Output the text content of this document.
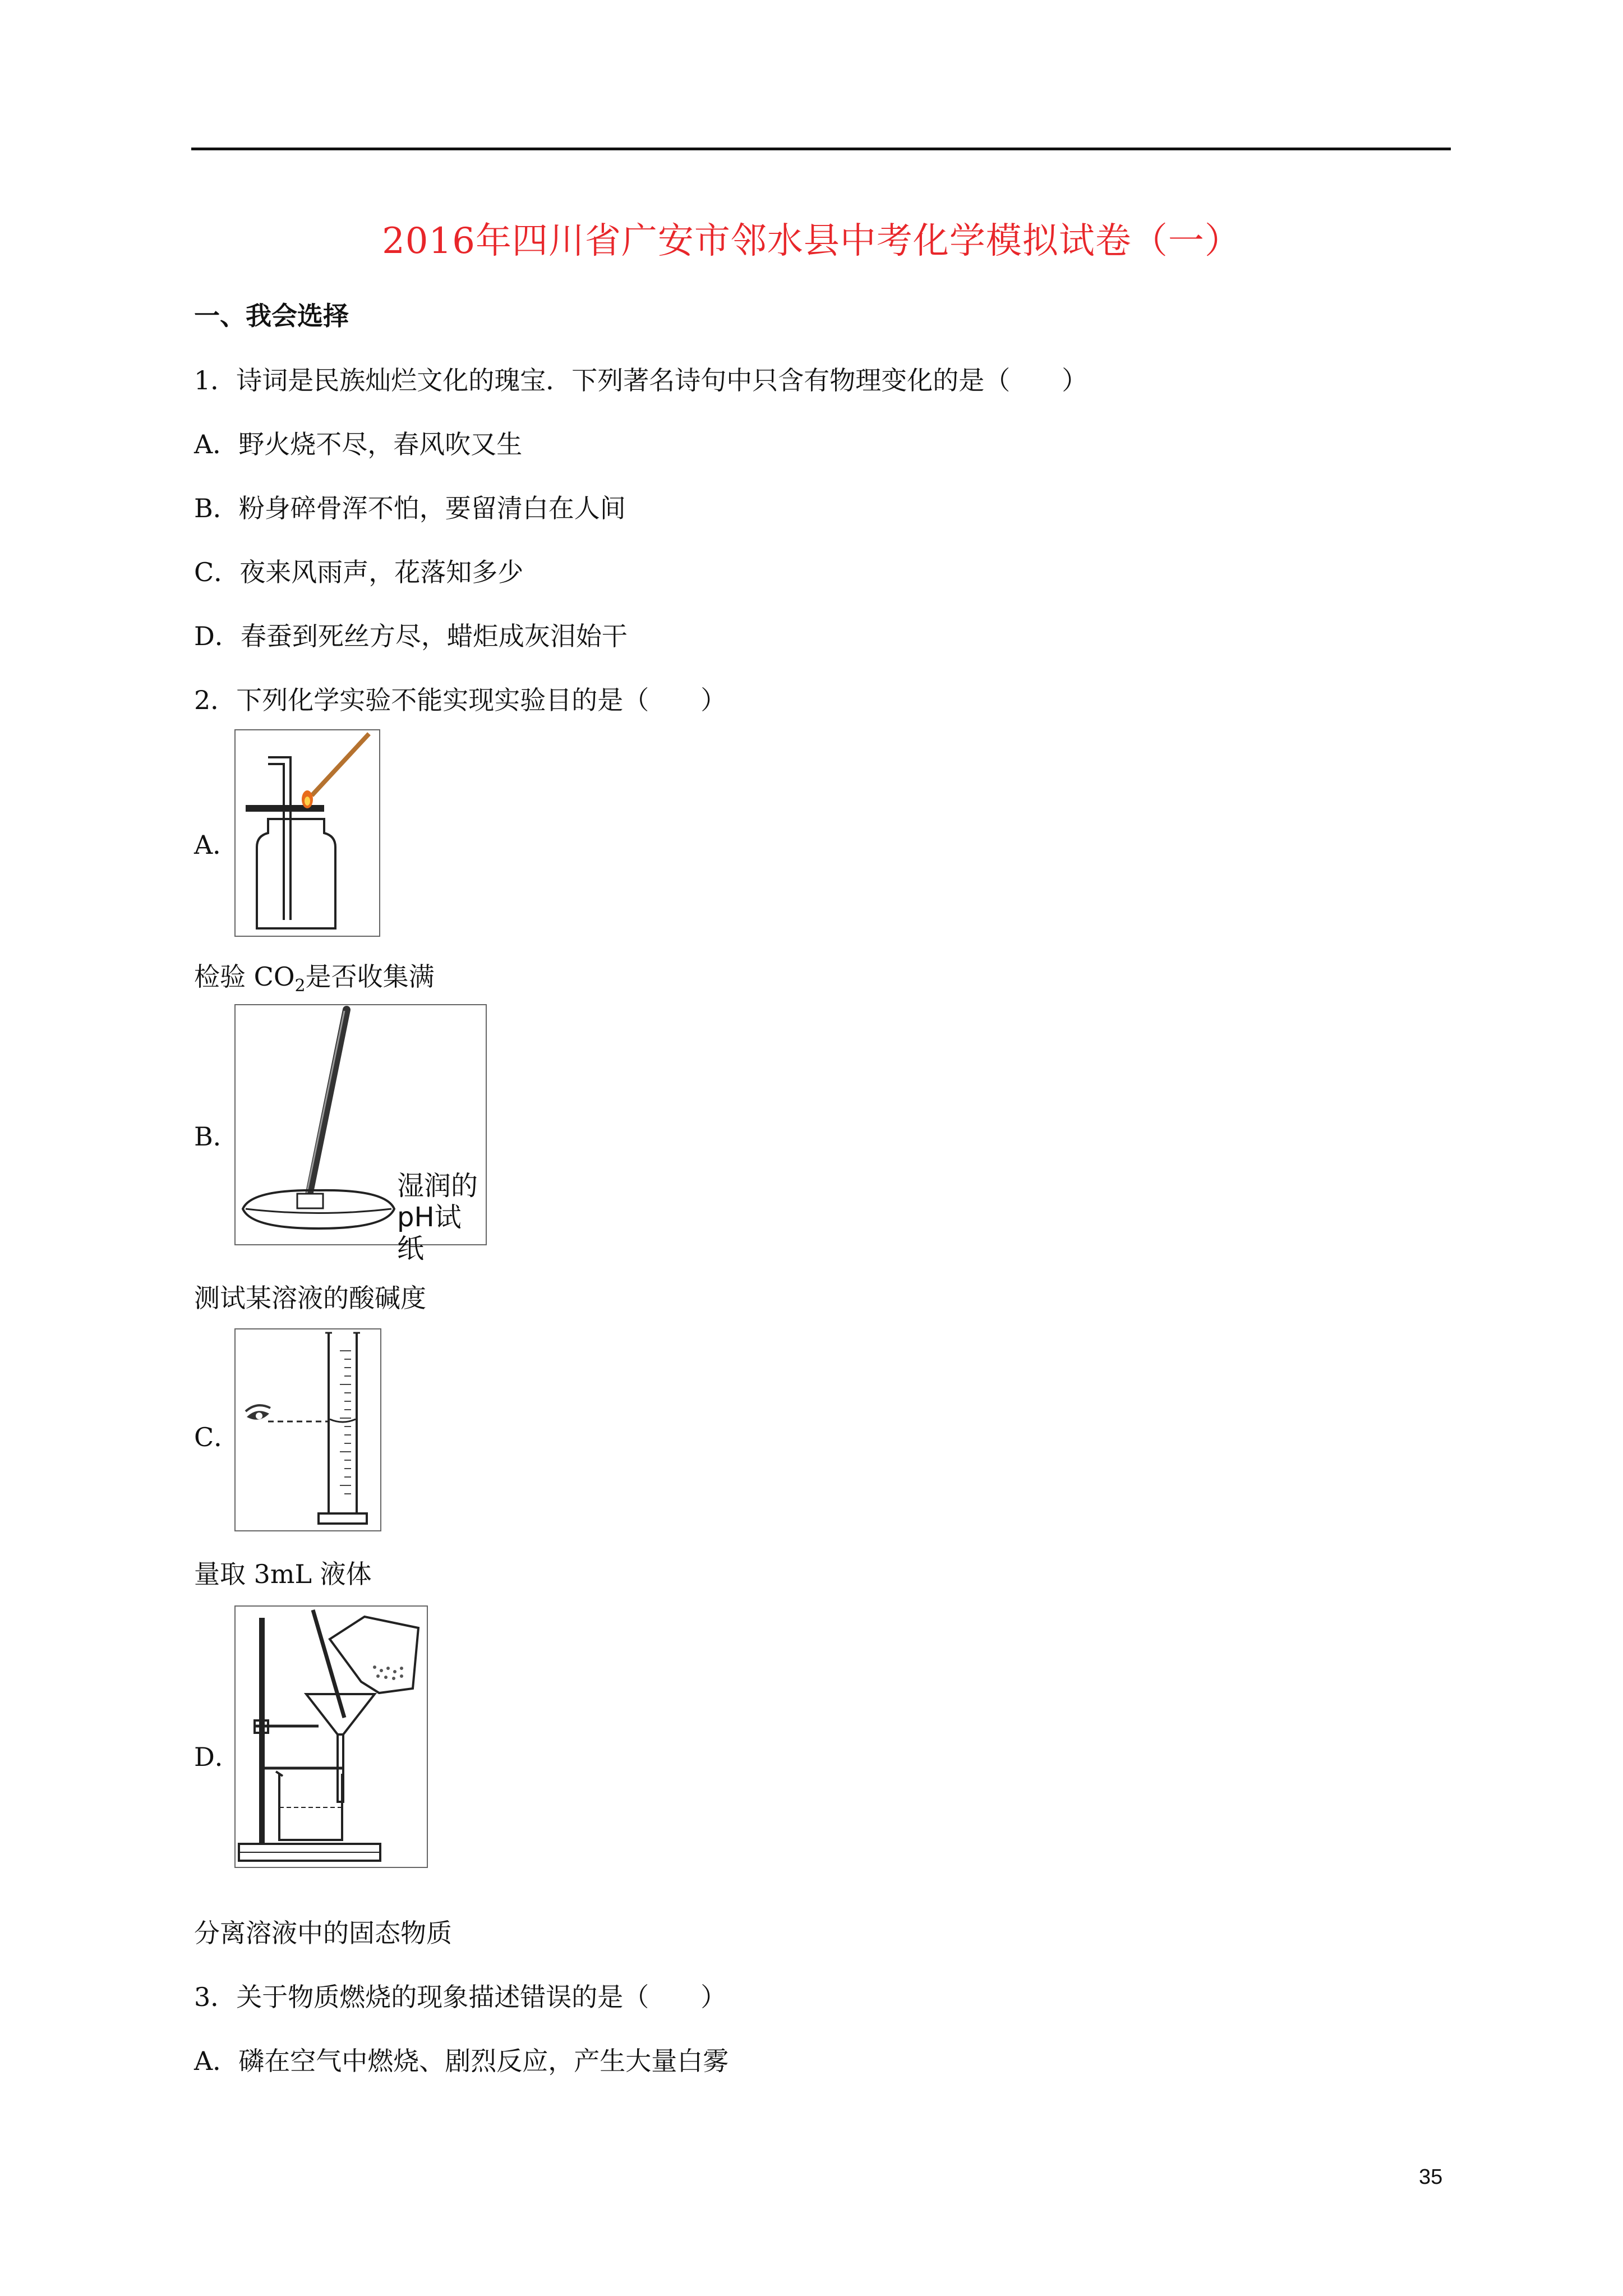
2016年四川省广安市邻水县中考化学模拟试卷（一）
一、我会选择
1．诗词是民族灿烂文化的瑰宝．下列著名诗句中只含有物理变化的是（　　）
A．野火烧不尽，春风吹又生
B．粉身碎骨浑不怕，要留清白在人间
C．夜来风雨声，花落知多少
D．春蚕到死丝方尽，蜡炬成灰泪始干
2．下列化学实验不能实现实验目的是（　　）
A．
检验 $CO_2$是否收集满
B．
湿润的
pH试纸
测试某溶液的酸碱度
C．
量取 3mL 液体
D．
分离溶液中的固态物质
3．关于物质燃烧的现象描述错误的是（　　）
A．磷在空气中燃烧、剧烈反应，产生大量白雾
35
